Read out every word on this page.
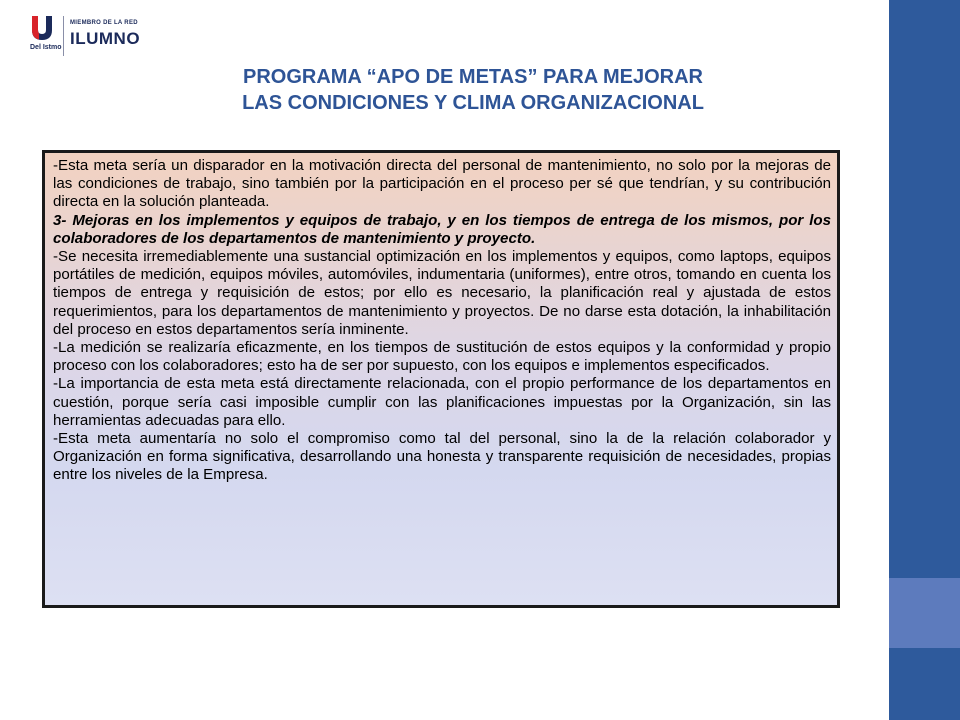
Del Istmo
MIEMBRO DE LA RED
ILUMNO
PROGRAMA “APO DE METAS” PARA MEJORAR
LAS CONDICIONES Y CLIMA ORGANIZACIONAL

-Esta meta sería un disparador en la motivación directa del personal de mantenimiento, no solo por la mejoras de las condiciones de trabajo, sino también por la participación en el proceso per sé que tendrían, y su contribución directa en la solución planteada.

3- Mejoras en los implementos y equipos de trabajo, y en los tiempos de entrega de los mismos, por los colaboradores de los departamentos de mantenimiento y proyecto.

-Se necesita irremediablemente una sustancial optimización en los implementos y equipos, como laptops, equipos portátiles de medición, equipos móviles, automóviles, indumentaria (uniformes), entre otros, tomando en cuenta los tiempos de entrega y requisición de estos; por ello es necesario, la planificación real y ajustada de estos requerimientos, para los departamentos de mantenimiento y proyectos. De no darse esta dotación, la inhabilitación del proceso en estos departamentos sería inminente.

-La medición se realizaría eficazmente, en los tiempos de sustitución de estos equipos y la conformidad y propio proceso con los colaboradores; esto ha de ser por supuesto, con los equipos e implementos especificados.

-La importancia de esta meta está directamente relacionada, con el propio performance de los departamentos en cuestión, porque sería casi imposible cumplir con las planificaciones impuestas por la Organización, sin las herramientas adecuadas para ello.

-Esta meta aumentaría no solo el compromiso como tal del personal, sino la de la relación colaborador y Organización en forma significativa, desarrollando una honesta y transparente requisición de necesidades, propias entre los niveles de la Empresa.
